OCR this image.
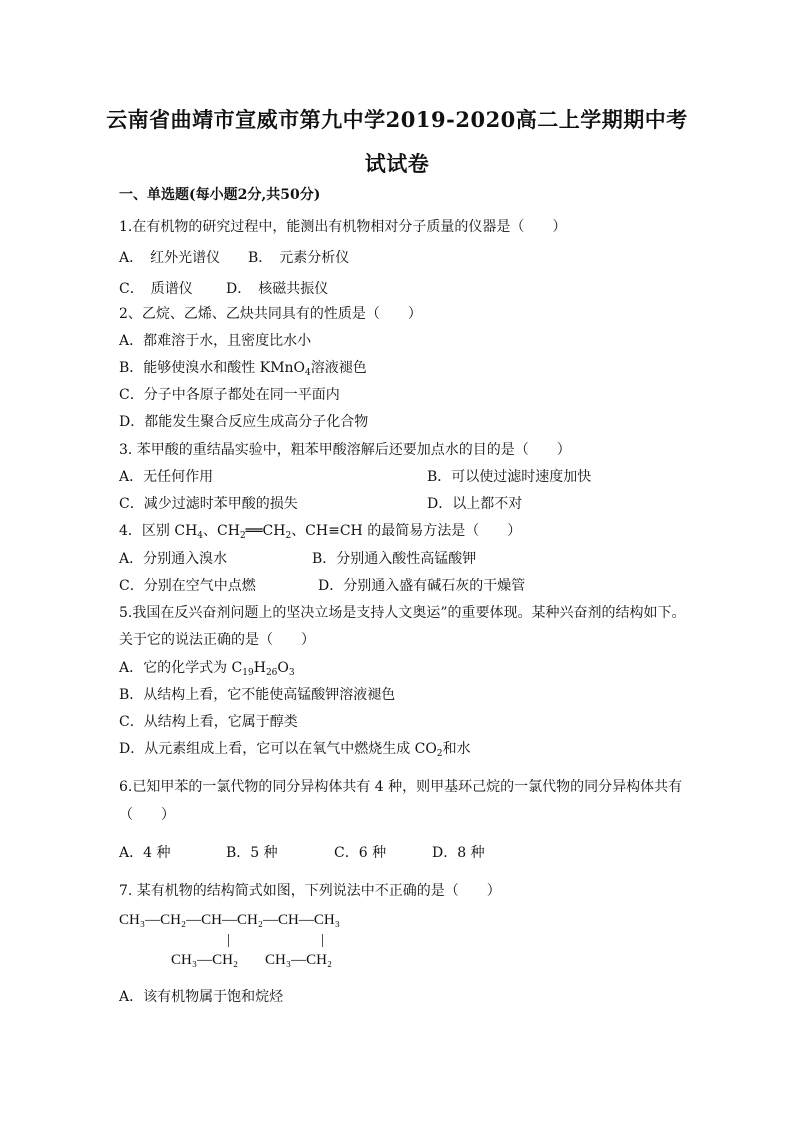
云南省曲靖市宣威市第九中学2019-2020高二上学期期中考
试试卷
一、单选题(每小题2分,共50分)
1.在有机物的研究过程中，能测出有机物相对分子质量的仪器是（　　）
A．　红外光谱仪 B．　元素分析仪
C．　质谱仪 D．　核磁共振仪
2、乙烷、乙烯、乙炔共同具有的性质是（　　）
A．都难溶于水，且密度比水小
B．能够使溴水和酸性 KMnO$_4$溶液褪色
C．分子中各原子都处在同一平面内
D．都能发生聚合反应生成高分子化合物
3. 苯甲酸的重结晶实验中，粗苯甲酸溶解后还要加点水的目的是（　　）
A．无任何作用	B．可以使过滤时速度加快
C．减少过滤时苯甲酸的损失	D．以上都不对
4．区别 $CH_4$、$CH_2══CH_2$、CH≡CH 的最简易方法是（　　）
A．分别通入溴水	B．分别通入酸性高锰酸钾
C．分别在空气中点燃	D．分别通入盛有碱石灰的干燥管
5.我国在反兴奋剂问题上的坚决立场是支持人文奥运”的重要体现。某种兴奋剂的结构如下。
关于它的说法正确的是（　　）
A．它的化学式为 $C_{19}H_{26}O_3$
B．从结构上看，它不能使高锰酸钾溶液褪色
C．从结构上看，它属于醇类
D．从元素组成上看，它可以在氧气中燃烧生成 $CO_2$和水
6.已知甲苯的一氯代物的同分异构体共有 4 种，则甲基环己烷的一氯代物的同分异构体共有
（　　）
A．4 种	B．5 种	C．6 种	D．8 种
7. 某有机物的结构简式如图，下列说法中不正确的是（　　）
CH₃—CH₂—CH—CH₂—CH—CH₃
|	|
CH₃—CH₂ CH₃—CH₂
A．该有机物属于饱和烷烃
